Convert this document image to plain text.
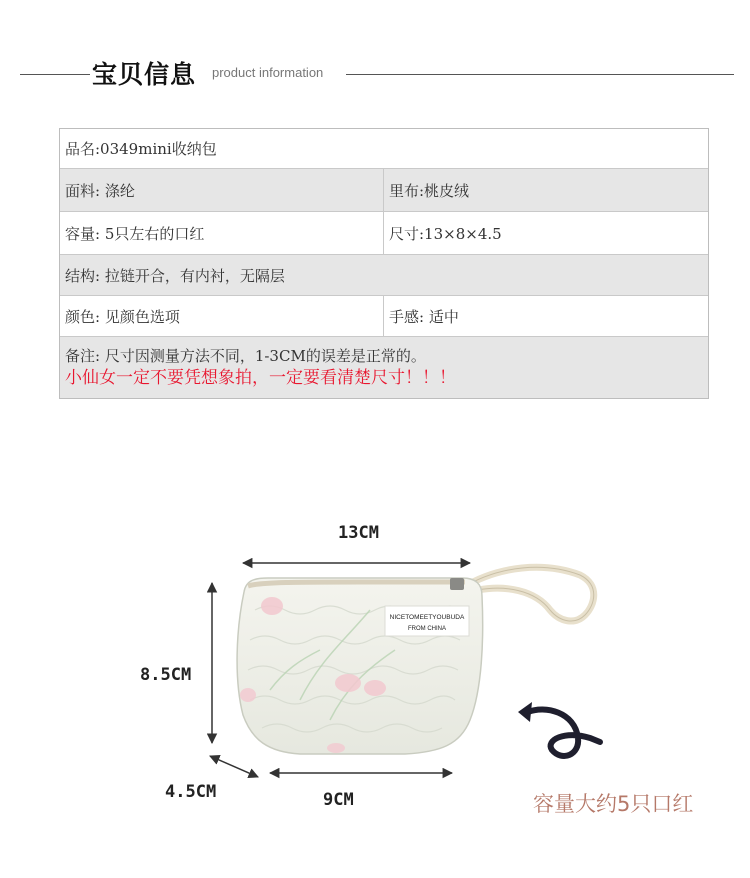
宝贝信息 product information
品名:0349mini收纳包
面料: 涤纶	里布:桃皮绒
容量: 5只左右的口红	尺寸:13×8×4.5
结构: 拉链开合，有内衬，无隔层
颜色: 见颜色选项	手感: 适中
备注: 尺寸因测量方法不同，1-3CM的误差是正常的。
小仙女一定不要凭想象拍，一定要看清楚尺寸！！！
NICETOMEETYOUBUDA
FROM CHINA
13CM
8.5CM
4.5CM	9CM	容量大约5只口红
